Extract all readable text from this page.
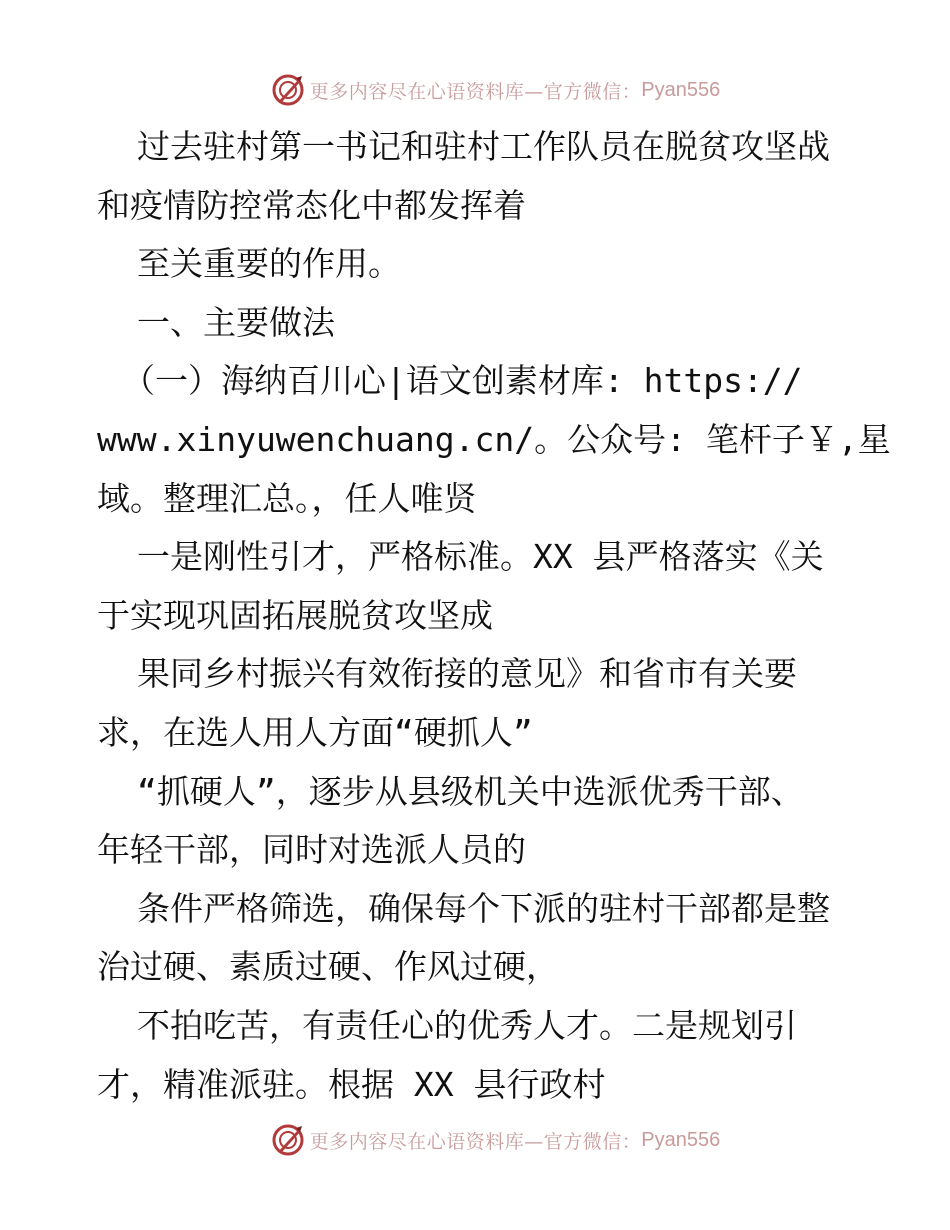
更多内容尽在心语资料库—官方微信： Pyan556
过去驻村第一书记和驻村工作队员在脱贫攻坚战
和疫情防控常态化中都发挥着
至关重要的作用。
一、主要做法
（一）海纳百川心|语文创素材库: https://
www.xinyuwenchuang.cn/。公众号: 笔杆子￥,星
域。整理汇总。，任人唯贤
一是刚性引才，严格标准。XX 县严格落实《关
于实现巩固拓展脱贫攻坚成
果同乡村振兴有效衔接的意见》和省市有关要
求，在选人用人方面“硬抓人”
“抓硬人”，逐步从县级机关中选派优秀干部、
年轻干部，同时对选派人员的
条件严格筛选，确保每个下派的驻村干部都是整
治过硬、素质过硬、作风过硬，
不拍吃苦，有责任心的优秀人才。二是规划引
才，精准派驻。根据 XX 县行政村
更多内容尽在心语资料库—官方微信： Pyan556
